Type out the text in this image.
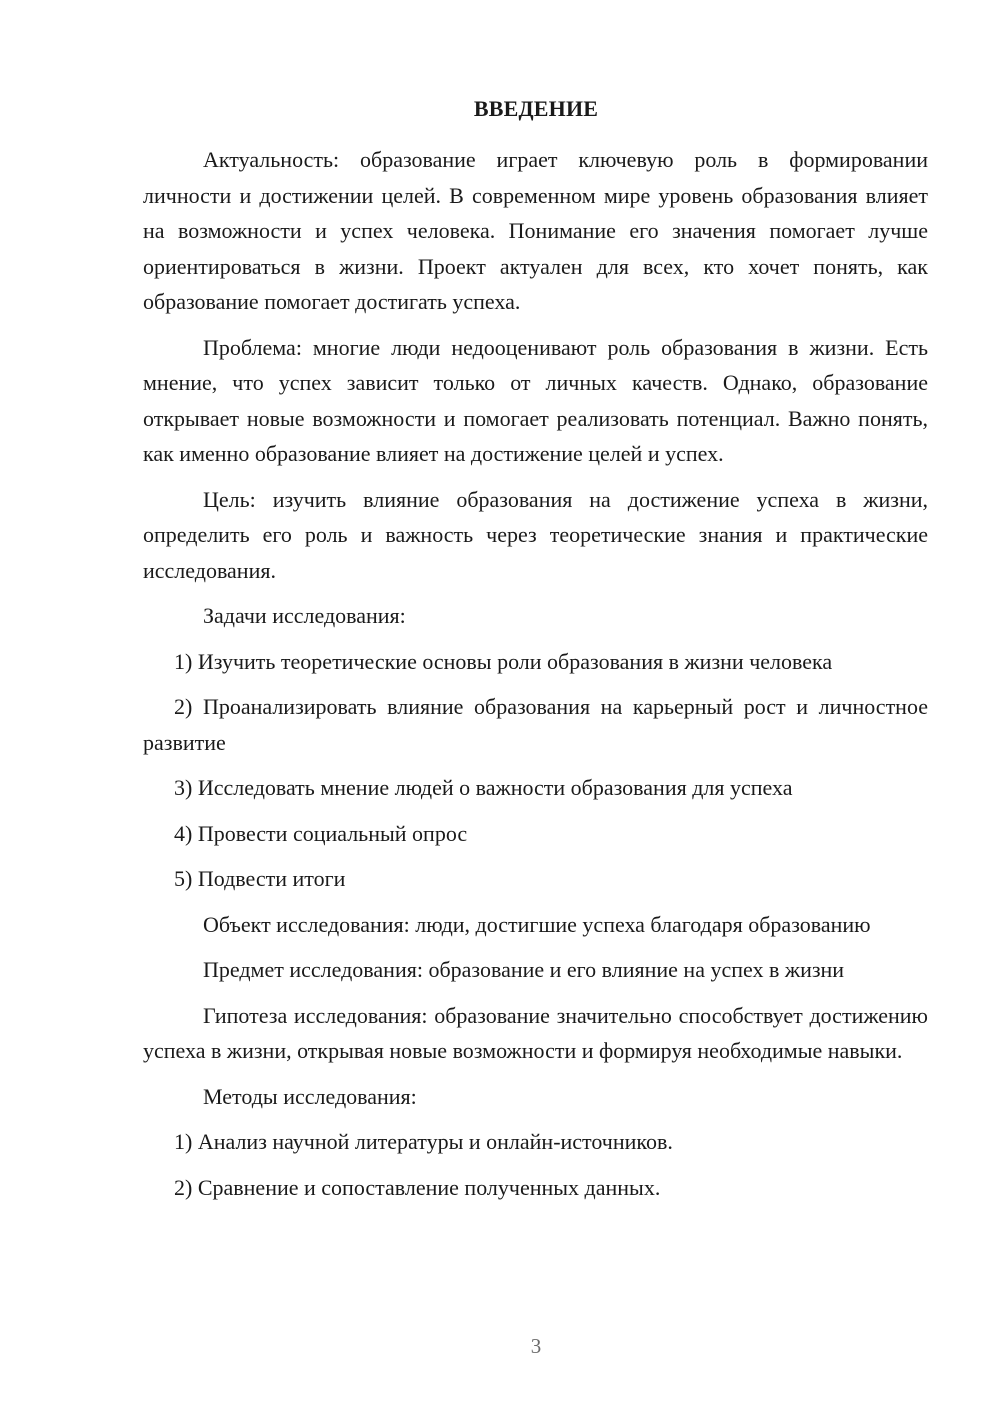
ВВЕДЕНИЕ

Актуальность: образование играет ключевую роль в формировании личности и достижении целей. В современном мире уровень образования влияет на возможности и успех человека. Понимание его значения помогает лучше ориентироваться в жизни. Проект актуален для всех, кто хочет понять, как образование помогает достигать успеха.

Проблема: многие люди недооценивают роль образования в жизни. Есть мнение, что успех зависит только от личных качеств. Однако, образование открывает новые возможности и помогает реализовать потенциал. Важно понять, как именно образование влияет на достижение целей и успех.

Цель: изучить влияние образования на достижение успеха в жизни, определить его роль и важность через теоретические знания и практические исследования.

Задачи исследования:

1) Изучить теоретические основы роли образования в жизни человека

2) Проанализировать влияние образования на карьерный рост и личностное развитие

3) Исследовать мнение людей о важности образования для успеха

4) Провести социальный опрос

5) Подвести итоги

Объект исследования: люди, достигшие успеха благодаря образованию

Предмет исследования: образование и его влияние на успех в жизни

Гипотеза исследования: образование значительно способствует достижению успеха в жизни, открывая новые возможности и формируя необходимые навыки.

Методы исследования:

1) Анализ научной литературы и онлайн-источников.

2) Сравнение и сопоставление полученных данных.

3
